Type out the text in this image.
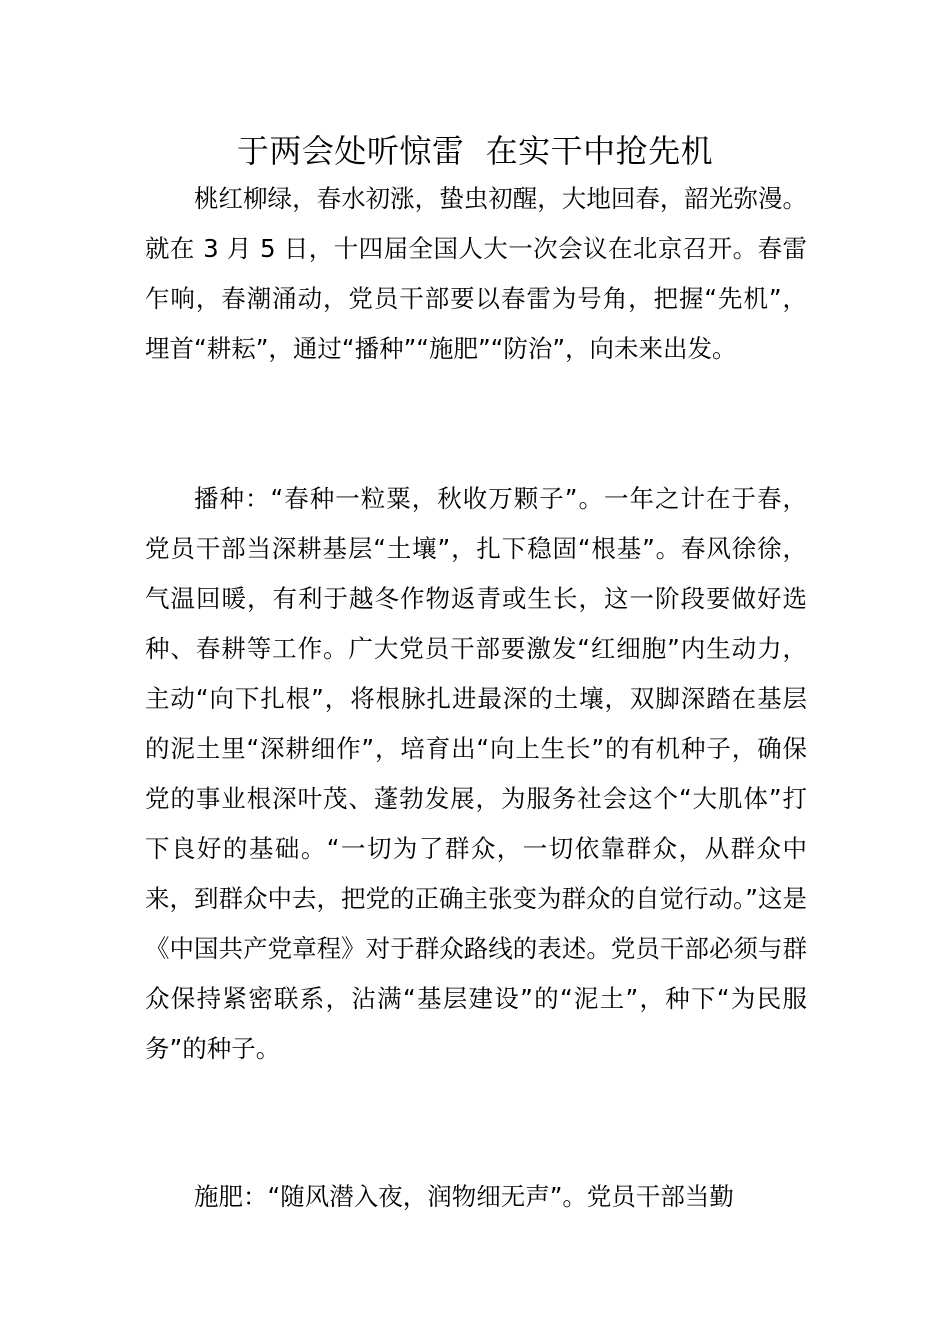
于两会处听惊雷  在实干中抢先机

桃红柳绿，春水初涨，蛰虫初醒，大地回春，韶光弥漫。就在 3 月 5 日，十四届全国人大一次会议在北京召开。春雷乍响，春潮涌动，党员干部要以春雷为号角，把握“先机”，埋首“耕耘”，通过“播种”“施肥”“防治”，向未来出发。

播种：“春种一粒粟，秋收万颗子”。一年之计在于春，党员干部当深耕基层“土壤”，扎下稳固“根基”。春风徐徐，气温回暖，有利于越冬作物返青或生长，这一阶段要做好选种、春耕等工作。广大党员干部要激发“红细胞”内生动力，主动“向下扎根”，将根脉扎进最深的土壤，双脚深踏在基层的泥土里“深耕细作”，培育出“向上生长”的有机种子，确保党的事业根深叶茂、蓬勃发展，为服务社会这个“大肌体”打下良好的基础。“一切为了群众，一切依靠群众，从群众中来，到群众中去，把党的正确主张变为群众的自觉行动。”这是《中国共产党章程》对于群众路线的表述。党员干部必须与群众保持紧密联系，沾满“基层建设”的“泥土”，种下“为民服务”的种子。

施肥：“随风潜入夜，润物细无声”。党员干部当勤
